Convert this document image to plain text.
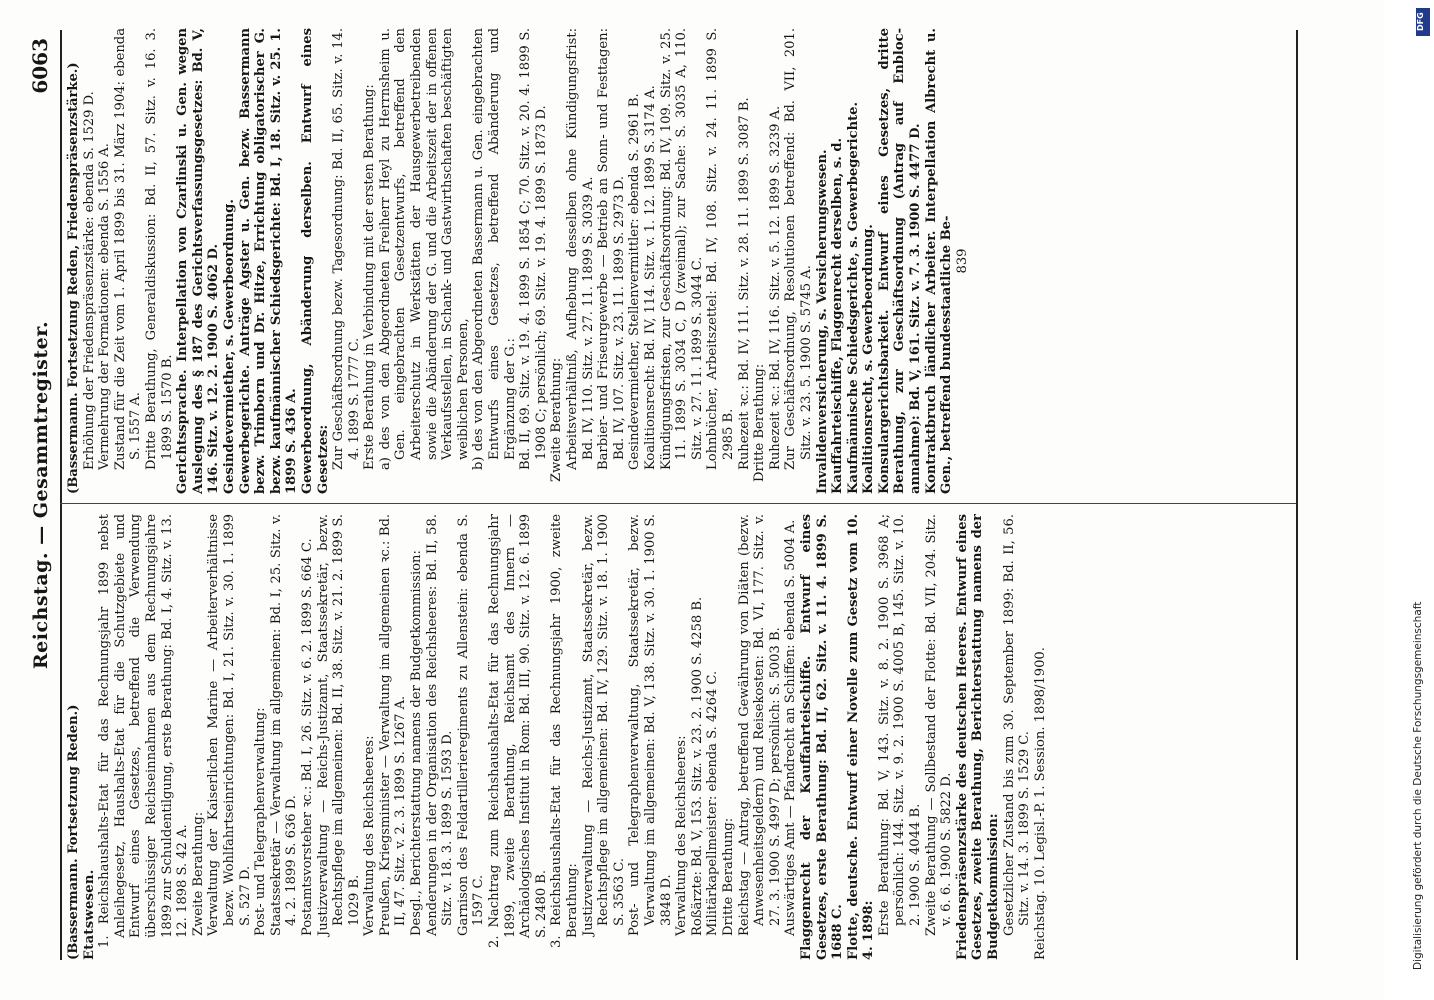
Reichstag. — Gesammtregister.
6063

(Bassermann. Fortsetzung Reden.) Etatswesen. 1. Reichshaushalts-Etat für das Rechnungsjahr 1899 nebst Anleihegesetz, Haushalts-Etat für die Schutzgebiete und Entwurf eines Gesetzes, betreffend die Verwendung überschüssiger Reichseinnahmen aus dem Rechnungsjahre 1899 zur Schuldentilgung, erste Berathung: Bd. I, 4. Sitz. v. 13. 12. 1898 S. 42 A. Zweite Berathung: Verwaltung der Kaiserlichen Marine — Arbeiterverhältnisse bezw. Wohlfahrtseinrichtungen: Bd. I, 21. Sitz. v. 30. 1. 1899 S. 527 D. Post- und Telegraphenverwaltung: Staatssekretär — Verwaltung im allgemeinen: Bd. I, 25. Sitz. v. 4. 2. 1899 S. 636 D. Postamtsvorsteher ꝛc.: Bd. I, 26. Sitz. v. 6. 2. 1899 S. 664 C. Justizverwaltung — Reichs-Justizamt, Staatssekretär, bezw. Rechtspflege im allgemeinen: Bd. II, 38. Sitz. v. 21. 2. 1899 S. 1029 B. Verwaltung des Reichsheeres: Preußen, Kriegsminister — Verwaltung im allgemeinen ꝛc.: Bd. II, 47. Sitz. v. 2. 3. 1899 S. 1267 A. Desgl., Berichterstattung namens der Budgetkommission: Aenderungen in der Organisation des Reichsheeres: Bd. II, 58. Sitz. v. 18. 3. 1899 S. 1593 D. Garnison des Feldartillerieregiments zu Allenstein: ebenda S. 1597 C. 2. Nachtrag zum Reichshaushalts-Etat für das Rechnungsjahr 1899, zweite Berathung, Reichsamt des Innern — Archäologisches Institut in Rom: Bd. III, 90. Sitz. v. 12. 6. 1899 S. 2480 B. 3. Reichshaushalts-Etat für das Rechnungsjahr 1900, zweite Berathung: Justizverwaltung — Reichs-Justizamt, Staatssekretär, bezw. Rechtspflege im allgemeinen: Bd. IV, 129. Sitz. v. 18. 1. 1900 S. 3563 C. Post- und Telegraphenverwaltung, Staatssekretär, bezw. Verwaltung im allgemeinen: Bd. V, 138. Sitz. v. 30. 1. 1900 S. 3848 D. Verwaltung des Reichsheeres: Roßärzte: Bd. V, 153. Sitz. v. 23. 2. 1900 S. 4258 B. Militärkapellmeister: ebenda S. 4264 C. Dritte Berathung: Reichstag — Antrag, betreffend Gewährung von Diäten (bezw. Anwesenheitsgeldern) und Reisekosten: Bd. VI, 177. Sitz. v. 27. 3. 1900 S. 4997 D; persönlich: S. 5003 B. Auswärtiges Amt — Pfandrecht an Schiffen: ebenda S. 5004 A. Flaggenrecht der Kauffahrteischiffe. Entwurf eines Gesetzes, erste Berathung: Bd. II, 62. Sitz. v. 11. 4. 1899 S. 1688 C. Flotte, deutsche. Entwurf einer Novelle zum Gesetz vom 10. 4. 1898: Erste Berathung: Bd. V, 143. Sitz. v. 8. 2. 1900 S. 3968 A; persönlich: 144. Sitz. v. 9. 2. 1900 S. 4005 B, 145. Sitz. v. 10. 2. 1900 S. 4044 B. Zweite Berathung — Sollbestand der Flotte: Bd. VII, 204. Sitz. v. 6. 6. 1900 S. 5822 D. Friedenspräsenzstärke des deutschen Heeres. Entwurf eines Gesetzes, zweite Berathung, Berichterstattung namens der Budgetkommission: Gesetzlicher Zustand bis zum 30. September 1899: Bd. II, 56. Sitz. v. 14. 3. 1899 S. 1529 C. Reichstag. 10. Legisl.-P. 1. Session. 1898/1900.

(Bassermann. Fortsetzung Reden, Friedenspräsenzstärke.) Erhöhung der Friedenspräsenzstärke: ebenda S. 1529 D. Vermehrung der Formationen: ebenda S. 1556 A. Zustand für die Zeit vom 1. April 1899 bis 31. März 1904: ebenda S. 1557 A. Dritte Berathung, Generaldiskussion: Bd. II, 57. Sitz. v. 16. 3. 1899 S. 1570 B. Gerichtssprache. Interpellation von Czarlinski u. Gen. wegen Auslegung des § 187 des Gerichtsverfassungsgesetzes: Bd. V, 146. Sitz. v. 12. 2. 1900 S. 4062 D. Gesindevermiether, s. Gewerbeordnung. Gewerbegerichte. Anträge Agster u. Gen. bezw. Bassermann bezw. Trimborn und Dr. Hitze, Errichtung obligatorischer G. bezw. kaufmännischer Schiedsgerichte: Bd. I, 18. Sitz. v. 25. 1. 1899 S. 436 A. Gewerbeordnung, Abänderung derselben. Entwurf eines Gesetzes: Zur Geschäftsordnung bezw. Tagesordnung: Bd. II, 65. Sitz. v. 14. 4. 1899 S. 1777 C. Erste Berathung in Verbindung mit der ersten Berathung: a) des von den Abgeordneten Freiherr Heyl zu Herrnsheim u. Gen. eingebrachten Gesetzentwurfs, betreffend den Arbeiterschutz in Werkstätten der Hausgewerbetreibenden sowie die Abänderung der G. und die Arbeitszeit der in offenen Verkaufsstellen, in Schank- und Gastwirthschaften beschäftigten weiblichen Personen, b) des von den Abgeordneten Bassermann u. Gen. eingebrachten Entwurfs eines Gesetzes, betreffend Abänderung und Ergänzung der G.: Bd. II, 69. Sitz. v. 19. 4. 1899 S. 1854 C; 70. Sitz. v. 20. 4. 1899 S. 1908 C; persönlich; 69. Sitz. v. 19. 4. 1899 S. 1873 D. Zweite Berathung: Arbeitsverhältniß, Aufhebung desselben ohne Kündigungsfrist: Bd. IV, 110. Sitz. v. 27. 11. 1899 S. 3039 A. Barbier- und Friseurgewerbe — Betrieb an Sonn- und Festtagen: Bd. IV, 107. Sitz. v. 23. 11. 1899 S. 2973 D. Gesindevermiether, Stellenvermittler: ebenda S. 2961 B. Koalitionsrecht: Bd. IV, 114. Sitz. v. 1. 12. 1899 S. 3174 A. Kündigungsfristen, zur Geschäftsordnung: Bd. IV, 109. Sitz. v. 25. 11. 1899 S. 3034 C, D (zweimal); zur Sache: S. 3035 A, 110. Sitz. v. 27. 11. 1899 S. 3044 C. Lohnbücher, Arbeitszettel: Bd. IV, 108. Sitz. v. 24. 11. 1899 S. 2985 B. Ruhezeit ꝛc.: Bd. IV, 111. Sitz. v. 28. 11. 1899 S. 3087 B. Dritte Berathung: Ruhezeit ꝛc.: Bd. IV, 116. Sitz. v. 5. 12. 1899 S. 3239 A. Zur Geschäftsordnung, Resolutionen betreffend: Bd. VII, 201. Sitz. v. 23. 5. 1900 S. 5745 A. Invalidenversicherung, s. Versicherungswesen. Kauffahrteischiffe, Flaggenrecht derselben, s. d. Kaufmännische Schiedsgerichte, s. Gewerbegerichte. Koalitionsrecht, s. Gewerbeordnung. Konsulargerichtsbarkeit. Entwurf eines Gesetzes, dritte Berathung, zur Geschäftsordnung (Antrag auf Enbloc-annahme): Bd. V, 161. Sitz. v. 7. 3. 1900 S. 4477 D. Kontraktbruch ländlicher Arbeiter. Interpellation Albrecht u. Gen., betreffend bundesstaatliche Be- 839

DFG
Digitalisierung gefördert durch die Deutsche Forschungsgemeinschaft
